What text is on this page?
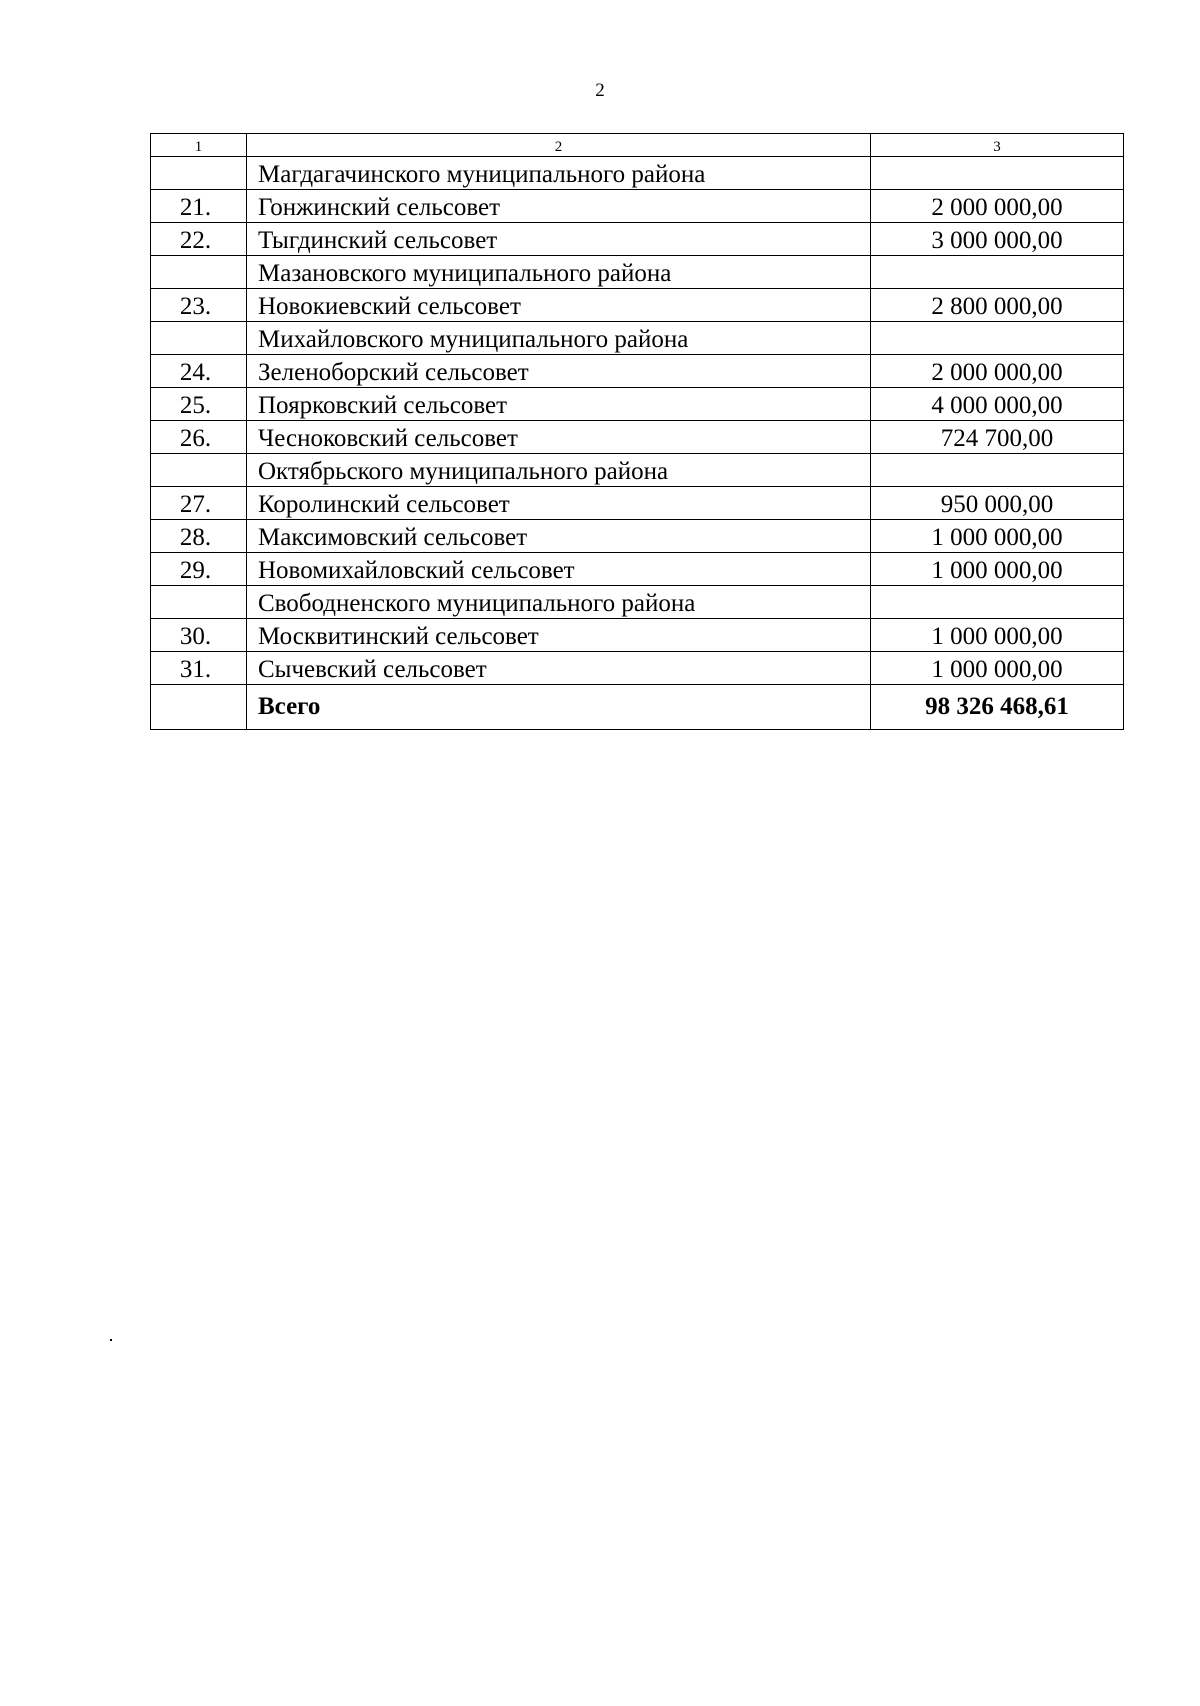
2
1	2	3
	Магдагачинского муниципального района	
21.	Гонжинский сельсовет	2 000 000,00
22.	Тыгдинский сельсовет	3 000 000,00
	Мазановского муниципального района	
23.	Новокиевский сельсовет	2 800 000,00
	Михайловского муниципального района	
24.	Зеленоборский сельсовет	2 000 000,00
25.	Поярковский сельсовет	4 000 000,00
26.	Чесноковский сельсовет	724 700,00
	Октябрьского муниципального района	
27.	Королинский сельсовет	950 000,00
28.	Максимовский сельсовет	1 000 000,00
29.	Новомихайловский сельсовет	1 000 000,00
	Свободненского муниципального района	
30.	Москвитинский сельсовет	1 000 000,00
31.	Сычевский сельсовет	1 000 000,00
	Всего	98 326 468,61
